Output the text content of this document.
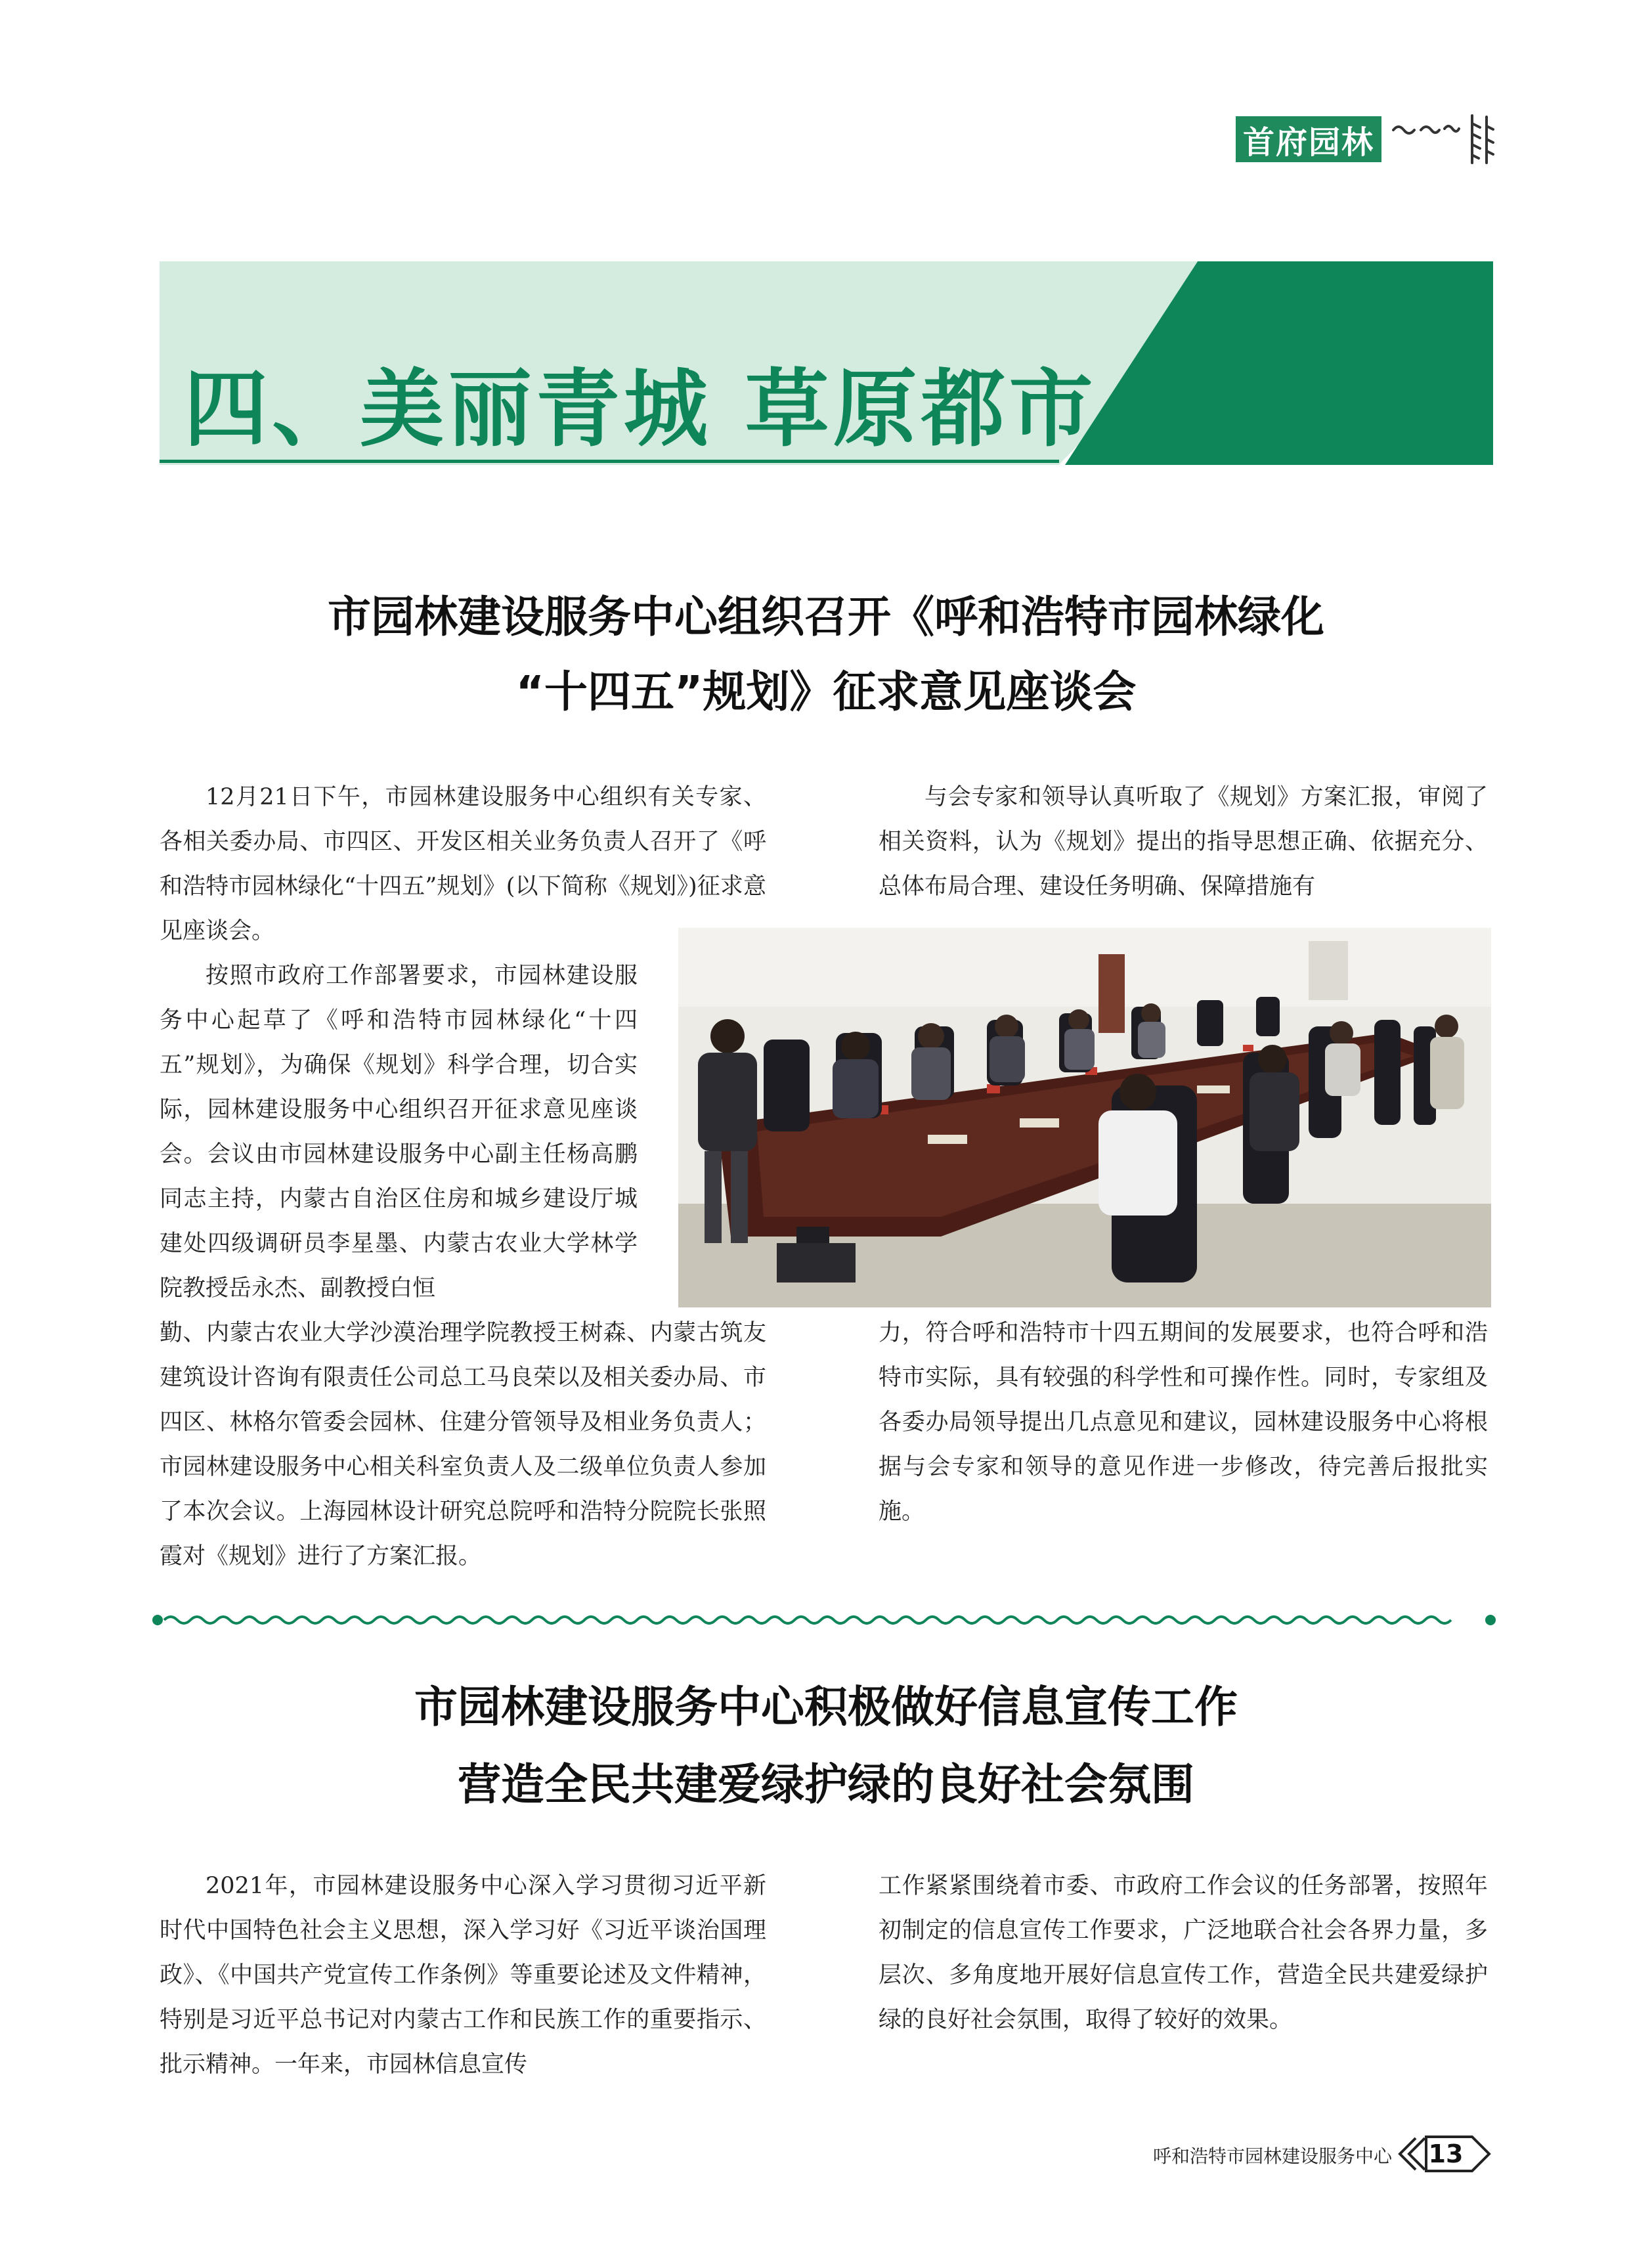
首府园林
四、美丽青城 草原都市
市园林建设服务中心组织召开《呼和浩特市园林绿化
“十四五”规划》征求意见座谈会

12月21日下午，市园林建设服务中心组织有关专家、各相关委办局、市四区、开发区相关业务负责人召开了《呼和浩特市园林绿化“十四五”规划》(以下简称《规划》)征求意见座谈会。

按照市政府工作部署要求，市园林建设服务中心起草了《呼和浩特市园林绿化“十四五”规划》，为确保《规划》科学合理，切合实际，园林建设服务中心组织召开征求意见座谈会。会议由市园林建设服务中心副主任杨高鹏同志主持，内蒙古自治区住房和城乡建设厅城建处四级调研员李星墨、内蒙古农业大学林学院教授岳永杰、副教授白恒

勤、内蒙古农业大学沙漠治理学院教授王树森、内蒙古筑友建筑设计咨询有限责任公司总工马良荣以及相关委办局、市四区、林格尔管委会园林、住建分管领导及相业务负责人；市园林建设服务中心相关科室负责人及二级单位负责人参加了本次会议。上海园林设计研究总院呼和浩特分院院长张照霞对《规划》进行了方案汇报。

与会专家和领导认真听取了《规划》方案汇报，审阅了相关资料，认为《规划》提出的指导思想正确、依据充分、总体布局合理、建设任务明确、保障措施有

力，符合呼和浩特市十四五期间的发展要求，也符合呼和浩特市实际，具有较强的科学性和可操作性。同时，专家组及各委办局领导提出几点意见和建议，园林建设服务中心将根据与会专家和领导的意见作进一步修改，待完善后报批实施。

市园林建设服务中心积极做好信息宣传工作
营造全民共建爱绿护绿的良好社会氛围

2021年，市园林建设服务中心深入学习贯彻习近平新时代中国特色社会主义思想，深入学习好《习近平谈治国理政》、《中国共产党宣传工作条例》等重要论述及文件精神，特别是习近平总书记对内蒙古工作和民族工作的重要指示、批示精神。一年来，市园林信息宣传

工作紧紧围绕着市委、市政府工作会议的任务部署，按照年初制定的信息宣传工作要求，广泛地联合社会各界力量，多层次、多角度地开展好信息宣传工作，营造全民共建爱绿护绿的良好社会氛围，取得了较好的效果。

呼和浩特市园林建设服务中心	13
